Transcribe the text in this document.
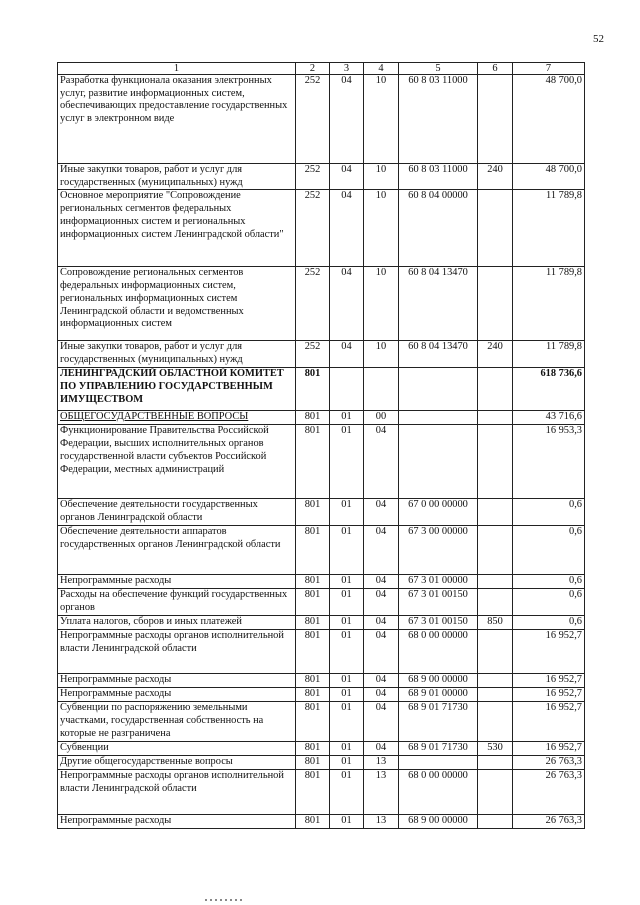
52
1	2	3	4	5	6	7
Разработка функционала оказания электронных услуг, развитие информационных систем, обеспечивающих предоставление государственных услуг в электронном виде	252	04	10	60 8 03 11000		48 700,0
Иные закупки товаров, работ и услуг для государственных (муниципальных) нужд	252	04	10	60 8 03 11000	240	48 700,0
Основное мероприятие "Сопровождение региональных сегментов федеральных информационных систем и региональных информационных систем Ленинградской области"	252	04	10	60 8 04 00000		11 789,8
Сопровождение региональных сегментов федеральных информационных систем, региональных информационных систем Ленинградской области и ведомственных информационных систем	252	04	10	60 8 04 13470		11 789,8
Иные закупки товаров, работ и услуг для государственных (муниципальных) нужд	252	04	10	60 8 04 13470	240	11 789,8
ЛЕНИНГРАДСКИЙ ОБЛАСТНОЙ КОМИТЕТ ПО УПРАВЛЕНИЮ ГОСУДАРСТВЕННЫМ ИМУЩЕСТВОМ	801					618 736,6
ОБЩЕГОСУДАРСТВЕННЫЕ ВОПРОСЫ	801	01	00			43 716,6
Функционирование Правительства Российской Федерации, высших исполнительных органов государственной власти субъектов Российской Федерации, местных администраций	801	01	04			16 953,3
Обеспечение деятельности государственных органов Ленинградской области	801	01	04	67 0 00 00000		0,6
Обеспечение деятельности аппаратов государственных органов Ленинградской области	801	01	04	67 3 00 00000		0,6
Непрограммные расходы	801	01	04	67 3 01 00000		0,6
Расходы на обеспечение функций государственных органов	801	01	04	67 3 01 00150		0,6
Уплата налогов, сборов и иных платежей	801	01	04	67 3 01 00150	850	0,6
Непрограммные расходы органов исполнительной власти Ленинградской области	801	01	04	68 0 00 00000		16 952,7
Непрограммные расходы	801	01	04	68 9 00 00000		16 952,7
Непрограммные расходы	801	01	04	68 9 01 00000		16 952,7
Субвенции по распоряжению земельными участками, государственная собственность на которые не разграничена	801	01	04	68 9 01 71730		16 952,7
Субвенции	801	01	04	68 9 01 71730	530	16 952,7
Другие общегосударственные вопросы	801	01	13			26 763,3
Непрограммные расходы органов исполнительной власти Ленинградской области	801	01	13	68 0 00 00000		26 763,3
Непрограммные расходы	801	01	13	68 9 00 00000		26 763,3
